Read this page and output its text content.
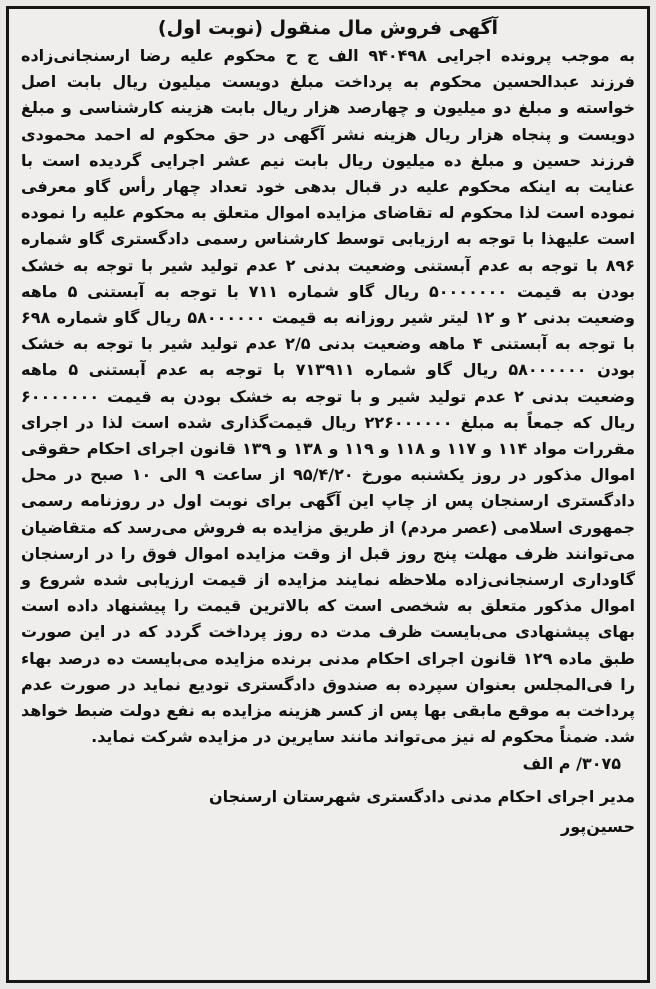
آگهی فروش مال منقول (نوبت اول)

به موجب پرونده اجرایی ۹۴۰۴۹۸ الف ج ح محکوم علیه رضا ارسنجانی‌زاده فرزند عبدالحسین محکوم به پرداخت مبلغ دویست میلیون ریال بابت اصل خواسته و مبلغ دو میلیون و چهارصد هزار ریال بابت هزینه کارشناسی و مبلغ دویست و پنجاه هزار ریال هزینه نشر آگهی در حق محکوم له احمد محمودی فرزند حسین و مبلغ ده میلیون ریال بابت نیم عشر اجرایی گردیده است با عنایت به اینکه محکوم علیه در قبال بدهی خود تعداد چهار رأس گاو معرفی نموده است لذا محکوم له تقاضای مزایده اموال متعلق به محکوم علیه را نموده است علیهذا با توجه به ارزیابی توسط کارشناس رسمی دادگستری گاو شماره ۸۹۶ با توجه به عدم آبستنی وضعیت بدنی ۲ عدم تولید شیر با توجه به خشک بودن به قیمت ۵۰۰۰۰۰۰۰ ریال گاو شماره ۷۱۱ با توجه به آبستنی ۵ ماهه وضعیت بدنی ۲ و ۱۲ لیتر شیر روزانه به قیمت ۵۸۰۰۰۰۰۰ ریال گاو شماره ۶۹۸ با توجه به آبستنی ۴ ماهه وضعیت بدنی ۲/۵ عدم تولید شیر با توجه به خشک بودن ۵۸۰۰۰۰۰۰ ریال گاو شماره ۷۱۳۹۱۱ با توجه به عدم آبستنی ۵ ماهه وضعیت بدنی ۲ عدم تولید شیر و با توجه به خشک بودن به قیمت ۶۰۰۰۰۰۰۰ ریال که جمعاً به مبلغ ۲۲۶۰۰۰۰۰۰ ریال قیمت‌گذاری شده است لذا در اجرای مقررات مواد ۱۱۴ و ۱۱۷ و ۱۱۸ و ۱۱۹ و ۱۳۸ و ۱۳۹ قانون اجرای احکام حقوقی اموال مذکور در روز یکشنبه مورخ ۹۵/۴/۲۰ از ساعت ۹ الی ۱۰ صبح در محل دادگستری ارسنجان پس از چاپ این آگهی برای نوبت اول در روزنامه رسمی جمهوری اسلامی (عصر مردم) از طریق مزایده به فروش می‌رسد که متقاضیان می‌توانند ظرف مهلت پنج روز قبل از وقت مزایده اموال فوق را در ارسنجان گاوداری ارسنجانی‌زاده ملاحظه نمایند مزایده از قیمت ارزیابی شده شروع و اموال مذکور متعلق به شخصی است که بالاترین قیمت را پیشنهاد داده است بهای پیشنهادی می‌بایست ظرف مدت ده روز پرداخت گردد که در این صورت طبق ماده ۱۲۹ قانون اجرای احکام مدنی برنده مزایده می‌بایست ده درصد بهاء را فی‌المجلس بعنوان سپرده به صندوق دادگستری تودیع نماید در صورت عدم پرداخت به موقع مابقی بها پس از کسر هزینه مزایده به نفع دولت ضبط خواهد شد. ضمناً محکوم له نیز می‌تواند مانند سایرین در مزایده شرکت نماید.

۳۰۷۵/ م الف
مدیر اجرای احکام مدنی دادگستری شهرستان ارسنجان
حسین‌پور
